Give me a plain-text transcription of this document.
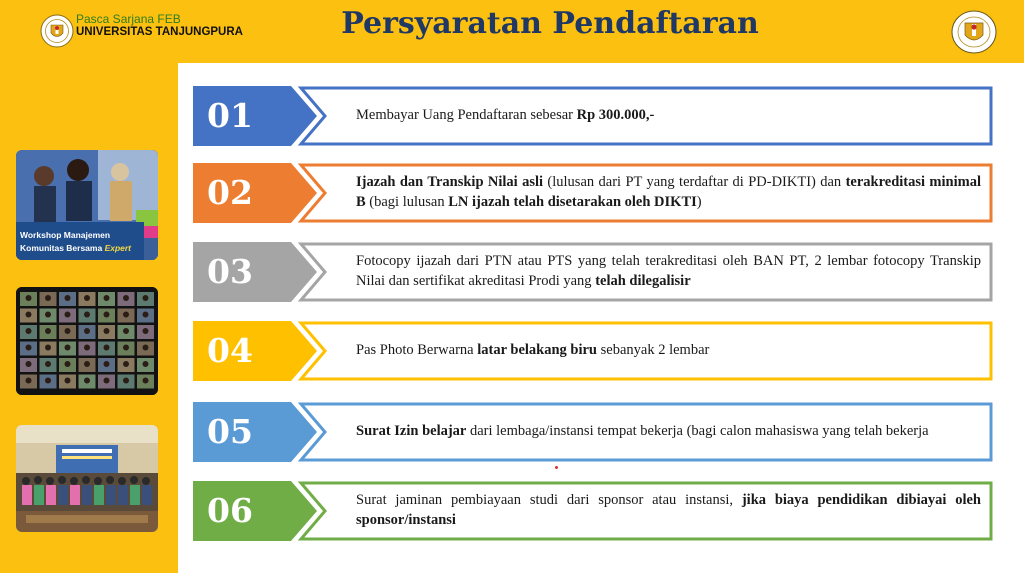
Pasca Sarjana FEB
UNIVERSITAS TANJUNGPURA	Persyaratan Pendaftaran
Workshop Manajemen
Komunitas Bersama Expert
01	Membayar Uang Pendaftaran sebesar Rp 300.000,-
02	Ijazah dan Transkip Nilai asli (lulusan dari PT yang terdaftar di PD-DIKTI) dan terakreditasi minimal B (bagi lulusan LN ijazah telah disetarakan oleh DIKTI)
03	Fotocopy ijazah dari PTN atau PTS yang telah terakreditasi oleh BAN PT, 2 lembar fotocopy Transkip Nilai dan sertifikat akreditasi Prodi yang telah dilegalisir
04	Pas Photo Berwarna latar belakang biru sebanyak 2 lembar
05	Surat Izin belajar dari lembaga/instansi tempat bekerja (bagi calon mahasiswa yang telah bekerja
06	Surat jaminan pembiayaan studi dari sponsor atau instansi, jika biaya pendidikan dibiayai oleh sponsor/instansi
